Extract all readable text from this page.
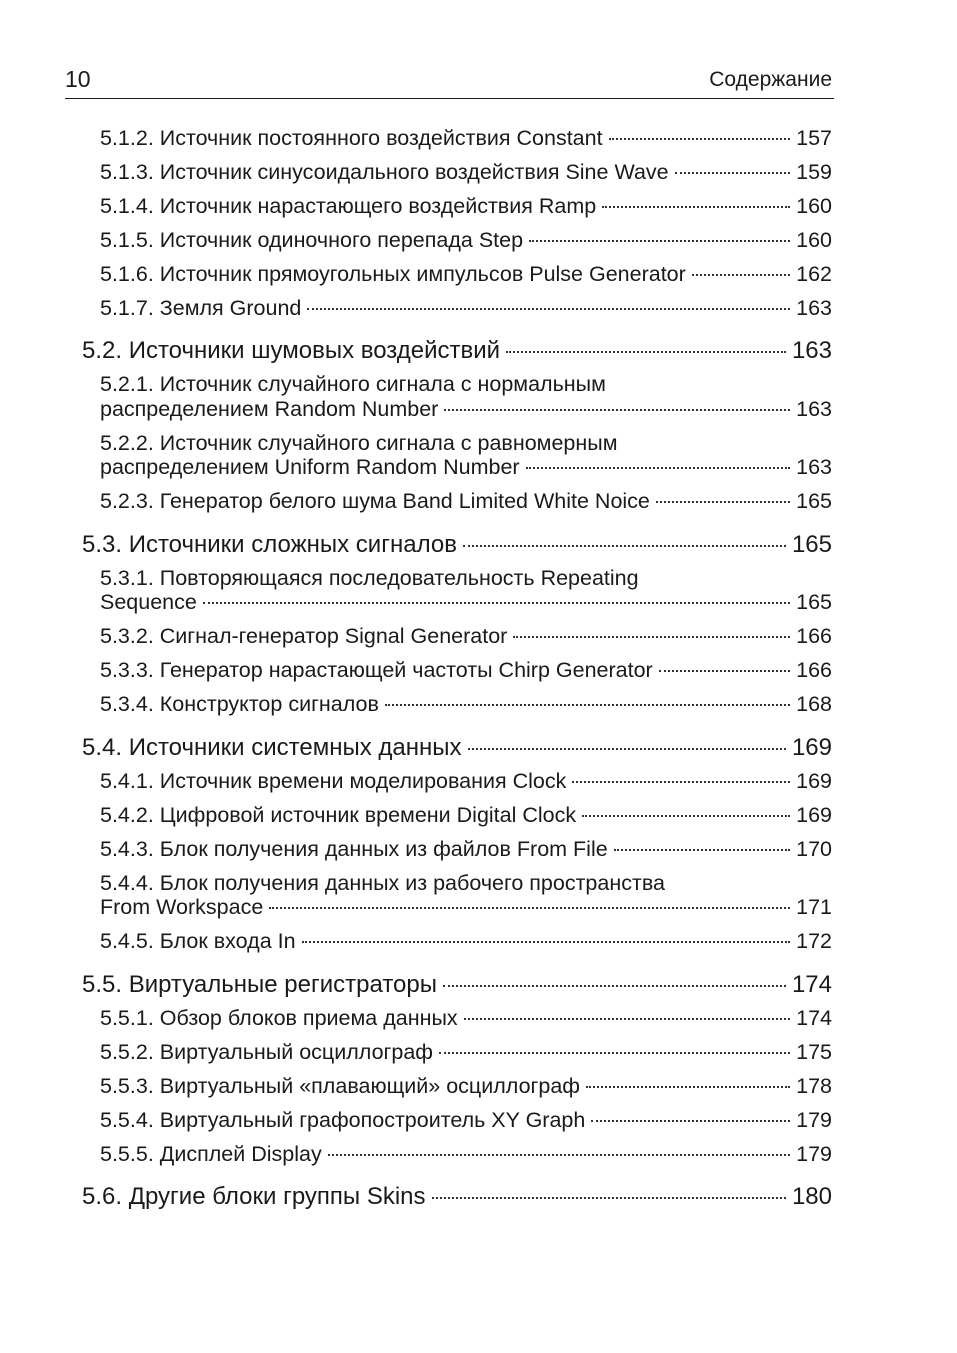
10	Содержание
5.1.2. Источник постоянного воздействия Constant	157
5.1.3. Источник синусоидального воздействия Sine Wave	159
5.1.4. Источник нарастающего воздействия Ramp	160
5.1.5. Источник одиночного перепада Step	160
5.1.6. Источник прямоугольных импульсов Pulse Generator	162
5.1.7. Земля Ground	163
5.2. Источники шумовых воздействий	163
5.2.1. Источник случайного сигнала с нормальным
распределением Random Number	163
5.2.2. Источник случайного сигнала с равномерным
распределением Uniform Random Number	163
5.2.3. Генератор белого шума Band Limited White Noice	165
5.3. Источники сложных сигналов	165
5.3.1. Повторяющаяся последовательность Repeating
Sequence	165
5.3.2. Сигнал-генератор Signal Generator	166
5.3.3. Генератор нарастающей частоты Chirp Generator	166
5.3.4. Конструктор сигналов	168
5.4. Источники системных данных	169
5.4.1. Источник времени моделирования Clock	169
5.4.2. Цифровой источник времени Digital Clock	169
5.4.3. Блок получения данных из файлов From File	170
5.4.4. Блок получения данных из рабочего пространства
From Workspace	171
5.4.5. Блок входа In	172
5.5. Виртуальные регистраторы	174
5.5.1. Обзор блоков приема данных	174
5.5.2. Виртуальный осциллограф	175
5.5.3. Виртуальный «плавающий» осциллограф	178
5.5.4. Виртуальный графопостроитель XY Graph	179
5.5.5. Дисплей Display	179
5.6. Другие блоки группы Skins	180
